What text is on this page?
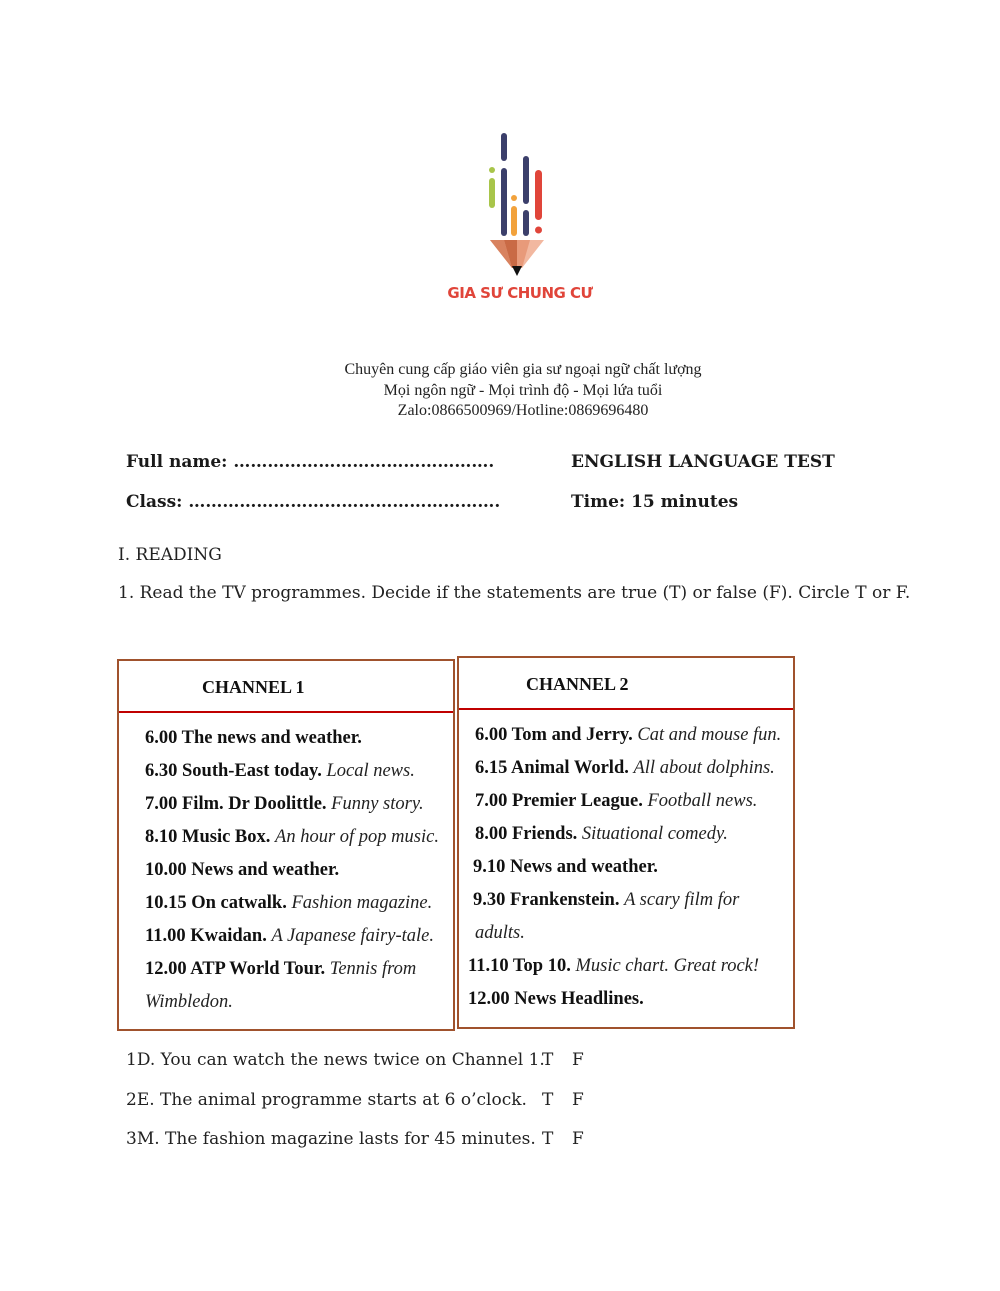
GIA SƯ CHUNG CƯ
Chuyên cung cấp giáo viên gia sư ngoại ngữ chất lượng
Mọi ngôn ngữ - Mọi trình độ - Mọi lứa tuổi
Zalo:0866500969/Hotline:0869696480
Full name: ……………………………………….
Class: ……………………………………………….
ENGLISH LANGUAGE TEST
Time: 15 minutes
I. READING
1. Read the TV programmes. Decide if the statements are true (T) or false (F). Circle T or F.
CHANNEL 1
6.00 The news and weather.
6.30 South-East today. Local news.
7.00 Film. Dr Doolittle. Funny story.
8.10 Music Box. An hour of pop music.
10.00 News and weather.
10.15 On catwalk. Fashion magazine.
11.00 Kwaidan. A Japanese fairy-tale.
12.00 ATP World Tour. Tennis from
Wimbledon.
CHANNEL 2
6.00 Tom and Jerry. Cat and mouse fun.
6.15 Animal World. All about dolphins.
7.00 Premier League. Football news.
8.00 Friends. Situational comedy.
9.10 News and weather.
9.30 Frankenstein. A scary film for
adults.
11.10 Top 10. Music chart. Great rock!
12.00 News Headlines.
1D. You can watch the news twice on Channel 1.
T F
2E. The animal programme starts at 6 o’clock. T F
3M. The fashion magazine lasts for 45 minutes. T F
